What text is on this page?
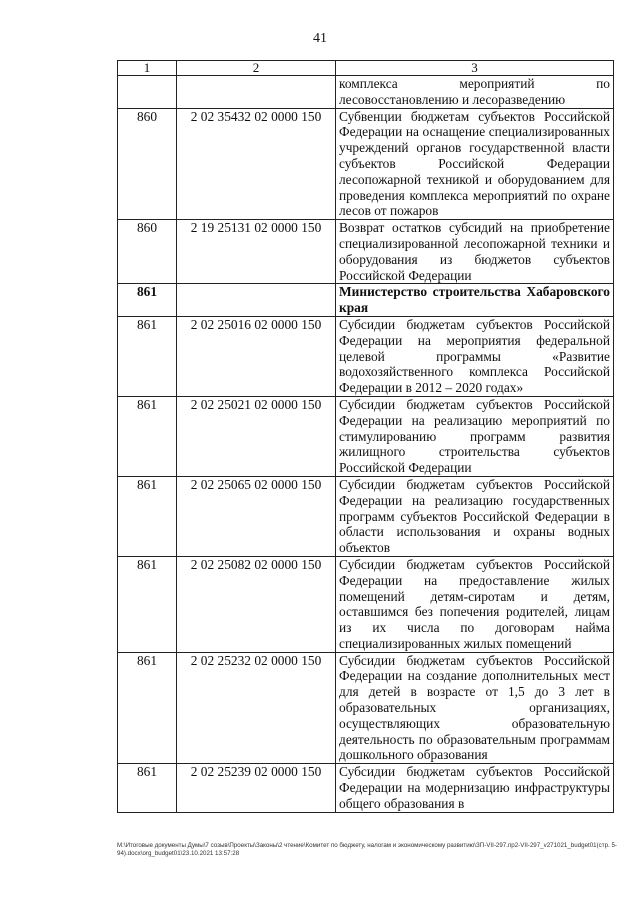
41
1	2	3
		комплекса мероприятий по лесовосстановлению и лесоразведению
860	2 02 35432 02 0000 150	Субвенции бюджетам субъектов Российской Федерации на оснащение специализированных учреждений органов государственной власти субъектов Российской Федерации лесопожарной техникой и оборудованием для проведения комплекса мероприятий по охране лесов от пожаров
860	2 19 25131 02 0000 150	Возврат остатков субсидий на приобретение специализированной лесопожарной техники и оборудования из бюджетов субъектов Российской Федерации
861		Министерство строительства Хабаровского края
861	2 02 25016 02 0000 150	Субсидии бюджетам субъектов Российской Федерации на мероприятия федеральной целевой программы «Развитие водохозяйственного комплекса Российской Федерации в 2012 – 2020 годах»
861	2 02 25021 02 0000 150	Субсидии бюджетам субъектов Российской Федерации на реализацию мероприятий по стимулированию программ развития жилищного строительства субъектов Российской Федерации
861	2 02 25065 02 0000 150	Субсидии бюджетам субъектов Российской Федерации на реализацию государственных программ субъектов Российской Федерации в области использования и охраны водных объектов
861	2 02 25082 02 0000 150	Субсидии бюджетам субъектов Российской Федерации на предоставление жилых помещений детям-сиротам и детям, оставшимся без попечения родителей, лицам из их числа по договорам найма специализированных жилых помещений
861	2 02 25232 02 0000 150	Субсидии бюджетам субъектов Российской Федерации на создание дополнительных мест для детей в возрасте от 1,5 до 3 лет в образовательных организациях, осуществляющих образовательную деятельность по образовательным программам дошкольного образования
861	2 02 25239 02 0000 150	Субсидии бюджетам субъектов Российской Федерации на модернизацию инфраструктуры общего образования в
M:\Итоговые документы Думы\7 созыв\Проекты\Законы\2 чтение\Комитет по бюджету, налогам и экономическому развитию\ЗП-VII-297.пр2-VII-297_v271021_budget01(стр. 5-94).docx\org_budget01\23.10.2021 13:57:28
